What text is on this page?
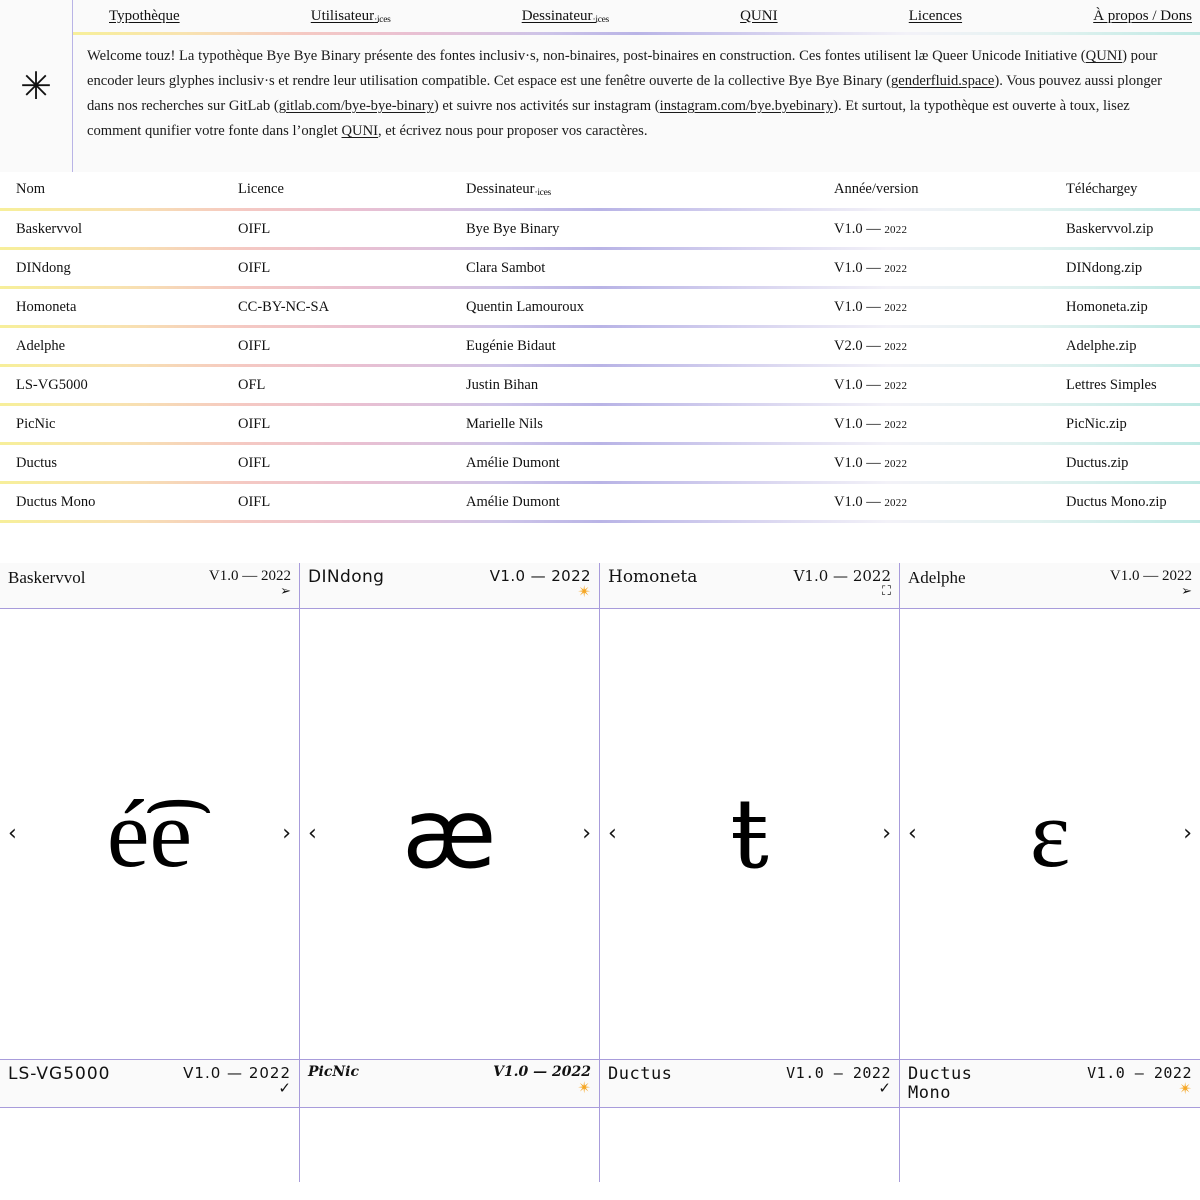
✳
Typothèque	Utilisateur·ices	Dessinateur·ices	QUNI	Licences	À propos / Dons

Welcome touz! La typothèque Bye Bye Binary présente des fontes inclusiv·s, non-binaires, post-binaires en construction. Ces fontes utilisent læ Queer Unicode Initiative (QUNI) pour encoder leurs glyphes inclusiv·s et rendre leur utilisation compatible. Cet espace est une fenêtre ouverte de la collective Bye Bye Binary (genderfluid.space). Vous pouvez aussi plonger dans nos recherches sur GitLab (gitlab.com/bye-bye-binary) et suivre nos activités sur instagram (instagram.com/bye.byebinary). Et surtout, la typothèque est ouverte à toux, lisez comment qunifier votre fonte dans l’onglet QUNI, et écrivez nous pour proposer vos caractères.

Nom	Licence	Dessinateur·ices	Année/version	Téléchargey

Baskervvol	OIFL	Bye Bye Binary	V1.0 — 2022	Baskervvol.zip

DINdong	OIFL	Clara Sambot	V1.0 — 2022	DINdong.zip

Homoneta	CC-BY-NC-SA	Quentin Lamouroux	V1.0 — 2022	Homoneta.zip

Adelphe	OIFL	Eugénie Bidaut	V2.0 — 2022	Adelphe.zip

LS-VG5000	OFL	Justin Bihan	V1.0 — 2022	Lettres Simples

PicNic	OIFL	Marielle Nils	V1.0 — 2022	PicNic.zip

Ductus	OIFL	Amélie Dumont	V1.0 — 2022	Ductus.zip

Ductus Mono	OIFL	Amélie Dumont	V1.0 — 2022	Ductus Mono.zip

Baskervvol	V1.0 — 2022
➢
‹ é͡e	›
DINdong	V1.0 — 2022
✴
‹ æ	›
Homoneta	V1.0 — 2022
⛶
‹	ŧ	›
Adelphe	V1.0 — 2022
➢
‹	ɛ	›
LS-VG5000	V1.0 — 2022
✓
PicNic	V1.0 — 2022
✴
Ductus	V1.0 — 2022
✓
Ductus Mono
V1.0 — 2022
✴
